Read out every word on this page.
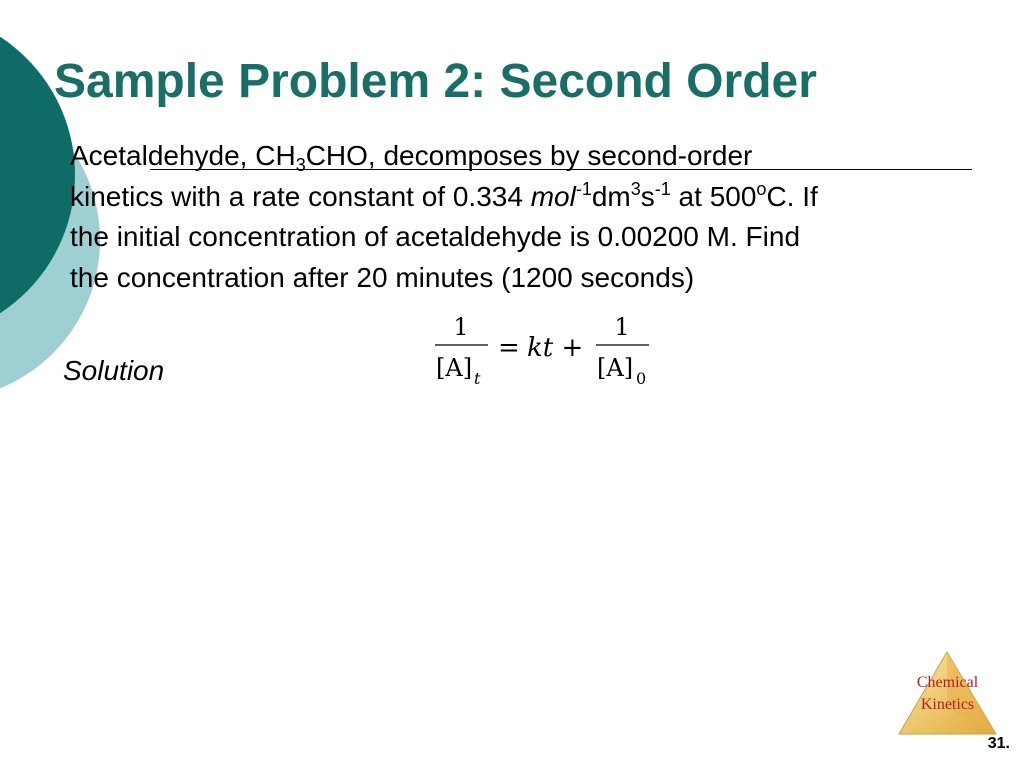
Sample Problem 2: Second Order
Acetaldehyde, $CH_3CHO$, decomposes by second-order
kinetics with a rate constant of 0.334 $mol^{-1}dm^3s^{-1}$ at 500$^o$C. If
the initial concentration of acetaldehyde is 0.00200 M. Find
the concentration after 20 minutes (1200 seconds)
Solution
1
[A] t
= kt +
1
[A] 0
Chemical
Kinetics
31.
